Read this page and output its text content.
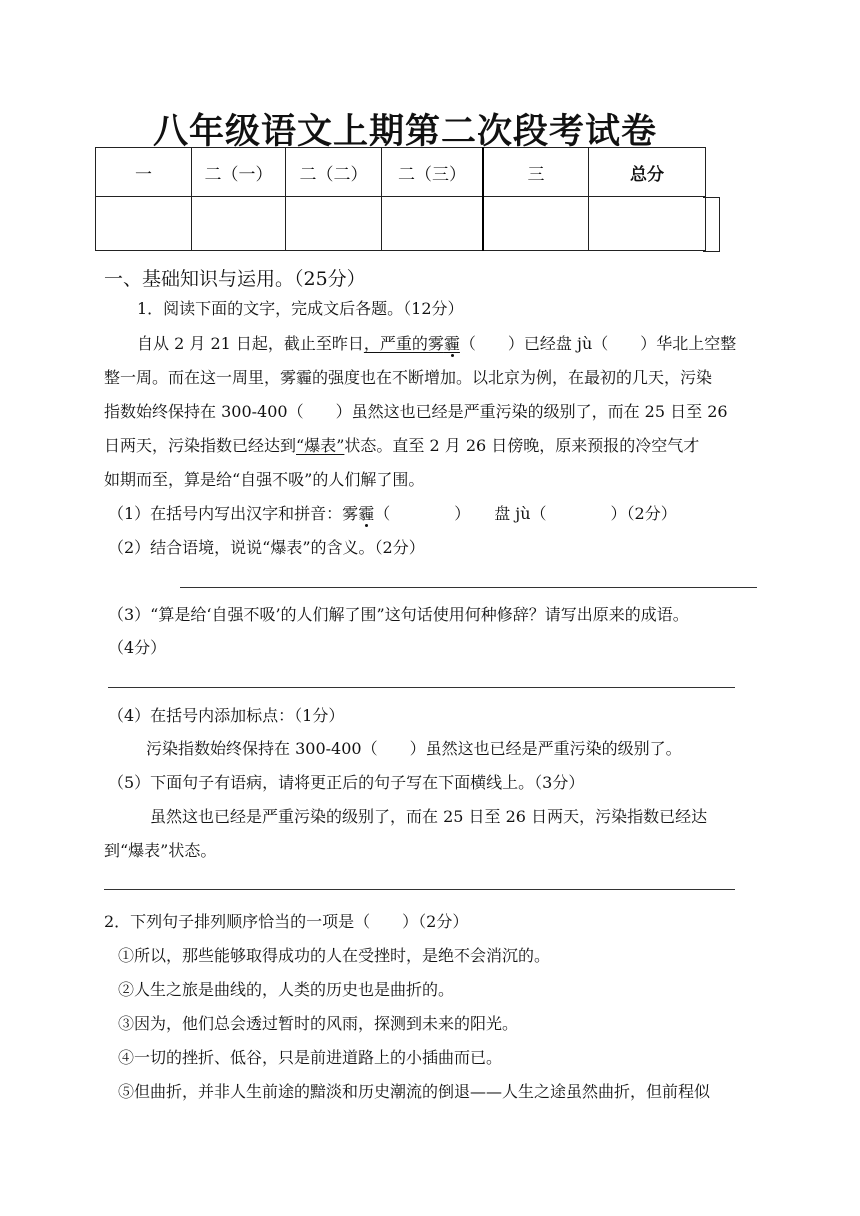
八年级语文上期第二次段考试卷
一	二（一）	二（二）	二（三）	三	总分

一、基础知识与运用。（25分）
1．阅读下面的文字，完成文后各题。（12分）
自从 2 月 21 日起，截止至昨日，严重的雾霾（　　）已经盘 jù（　　）华北上空整
整一周。而在这一周里，雾霾的强度也在不断增加。以北京为例，在最初的几天，污染
指数始终保持在 300-400（　　）虽然这也已经是严重污染的级别了，而在 25 日至 26
日两天，污染指数已经达到“爆表”状态。直至 2 月 26 日傍晚，原来预报的冷空气才
如期而至，算是给“自强不吸”的人们解了围。
（1）在括号内写出汉字和拼音：雾霾（　　　　）　　盘 jù（　　　　）（2分）
（2）结合语境，说说“爆表”的含义。（2分）
（3）“算是给‘自强不吸’的人们解了围”这句话使用何种修辞？请写出原来的成语。
（4分）
（4）在括号内添加标点：（1分）
污染指数始终保持在 300-400（　　）虽然这也已经是严重污染的级别了。
（5）下面句子有语病，请将更正后的句子写在下面横线上。（3分）
虽然这也已经是严重污染的级别了，而在 25 日至 26 日两天，污染指数已经达
到“爆表”状态。
2．下列句子排列顺序恰当的一项是（　　）（2分）
①所以，那些能够取得成功的人在受挫时，是绝不会消沉的。
②人生之旅是曲线的，人类的历史也是曲折的。
③因为，他们总会透过暂时的风雨，探测到未来的阳光。
④一切的挫折、低谷，只是前进道路上的小插曲而已。
⑤但曲折，并非人生前途的黯淡和历史潮流的倒退——人生之途虽然曲折，但前程似
